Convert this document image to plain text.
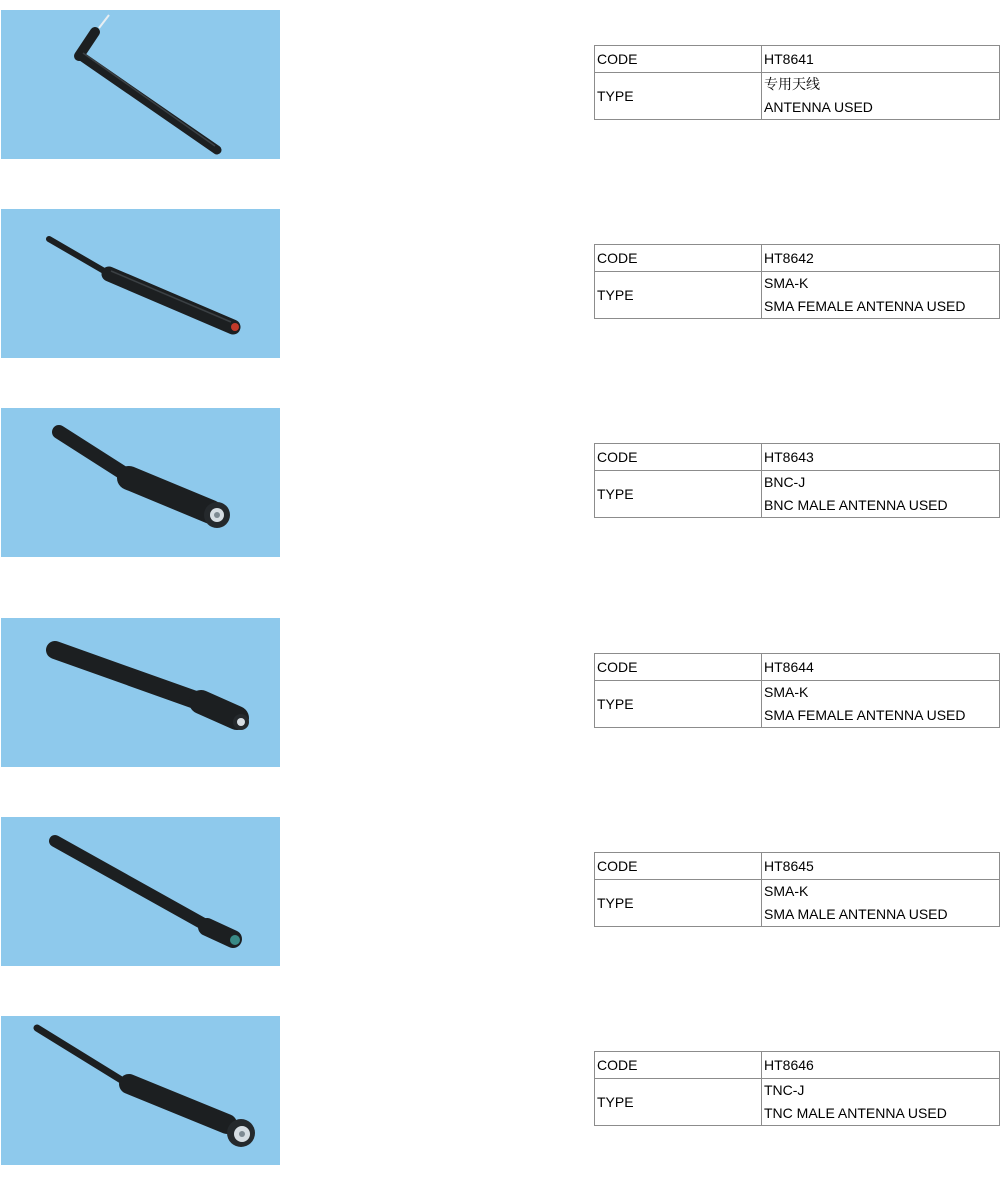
CODE	HT8641
TYPE	专用天线
ANTENNA USED
CODE	HT8642
TYPE	SMA-K
SMA FEMALE ANTENNA USED
CODE	HT8643
TYPE	BNC-J
BNC MALE ANTENNA USED
CODE	HT8644
TYPE	SMA-K
SMA FEMALE ANTENNA USED
CODE	HT8645
TYPE	SMA-K
SMA MALE ANTENNA USED
CODE	HT8646
TYPE	TNC-J
TNC MALE ANTENNA USED
